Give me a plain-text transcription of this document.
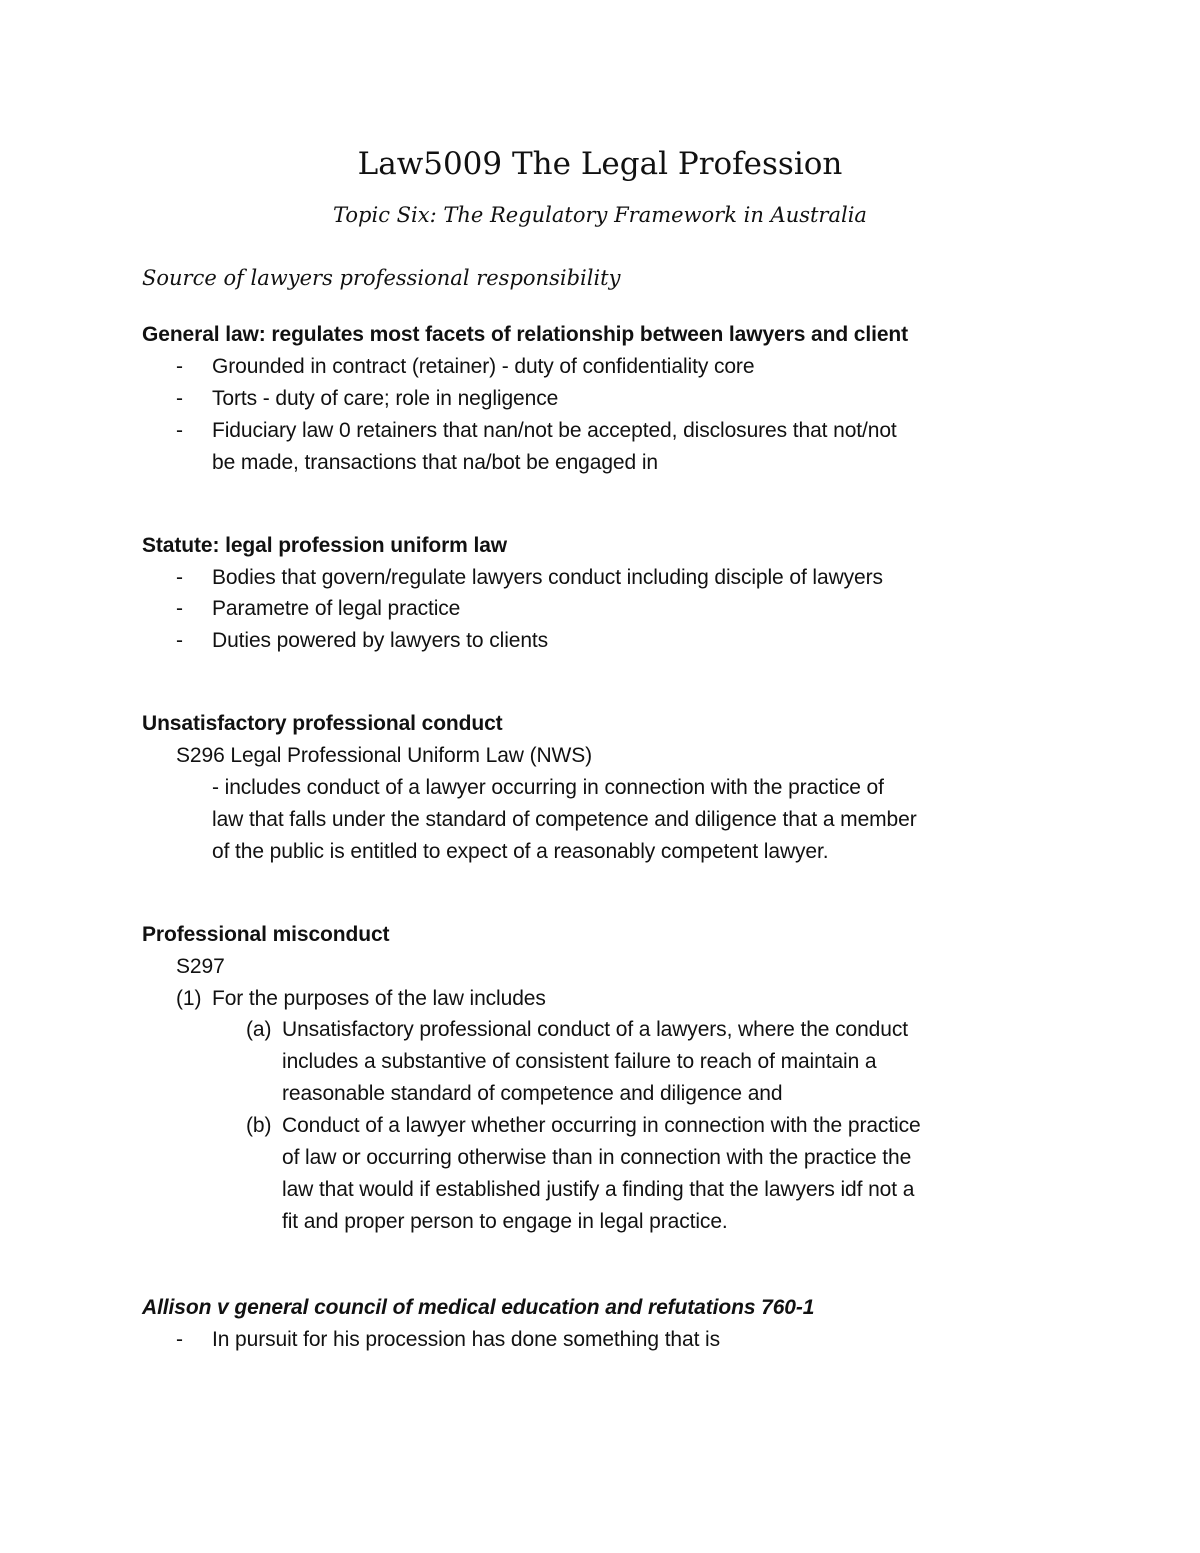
Law5009 The Legal Profession
Topic Six: The Regulatory Framework in Australia
Source of lawyers professional responsibility
General law: regulates most facets of relationship between lawyers and client
- Grounded in contract (retainer) - duty of confidentiality core
- Torts - duty of care; role in negligence
- Fiduciary law 0 retainers that nan/not be accepted, disclosures that not/not
be made, transactions that na/bot be engaged in
Statute: legal profession uniform law
- Bodies that govern/regulate lawyers conduct including disciple of lawyers
- Parametre of legal practice
- Duties powered by lawyers to clients
Unsatisfactory professional conduct
S296 Legal Professional Uniform Law (NWS)
- includes conduct of a lawyer occurring in connection with the practice of
law that falls under the standard of competence and diligence that a member
of the public is entitled to expect of a reasonably competent lawyer.
Professional misconduct
S297
(1) For the purposes of the law includes
(a) Unsatisfactory professional conduct of a lawyers, where the conduct
includes a substantive of consistent failure to reach of maintain a
reasonable standard of competence and diligence and
(b) Conduct of a lawyer whether occurring in connection with the practice
of law or occurring otherwise than in connection with the practice the
law that would if established justify a finding that the lawyers idf not a
fit and proper person to engage in legal practice.
Allison v general council of medical education and refutations 760-1
- In pursuit for his procession has done something that is
